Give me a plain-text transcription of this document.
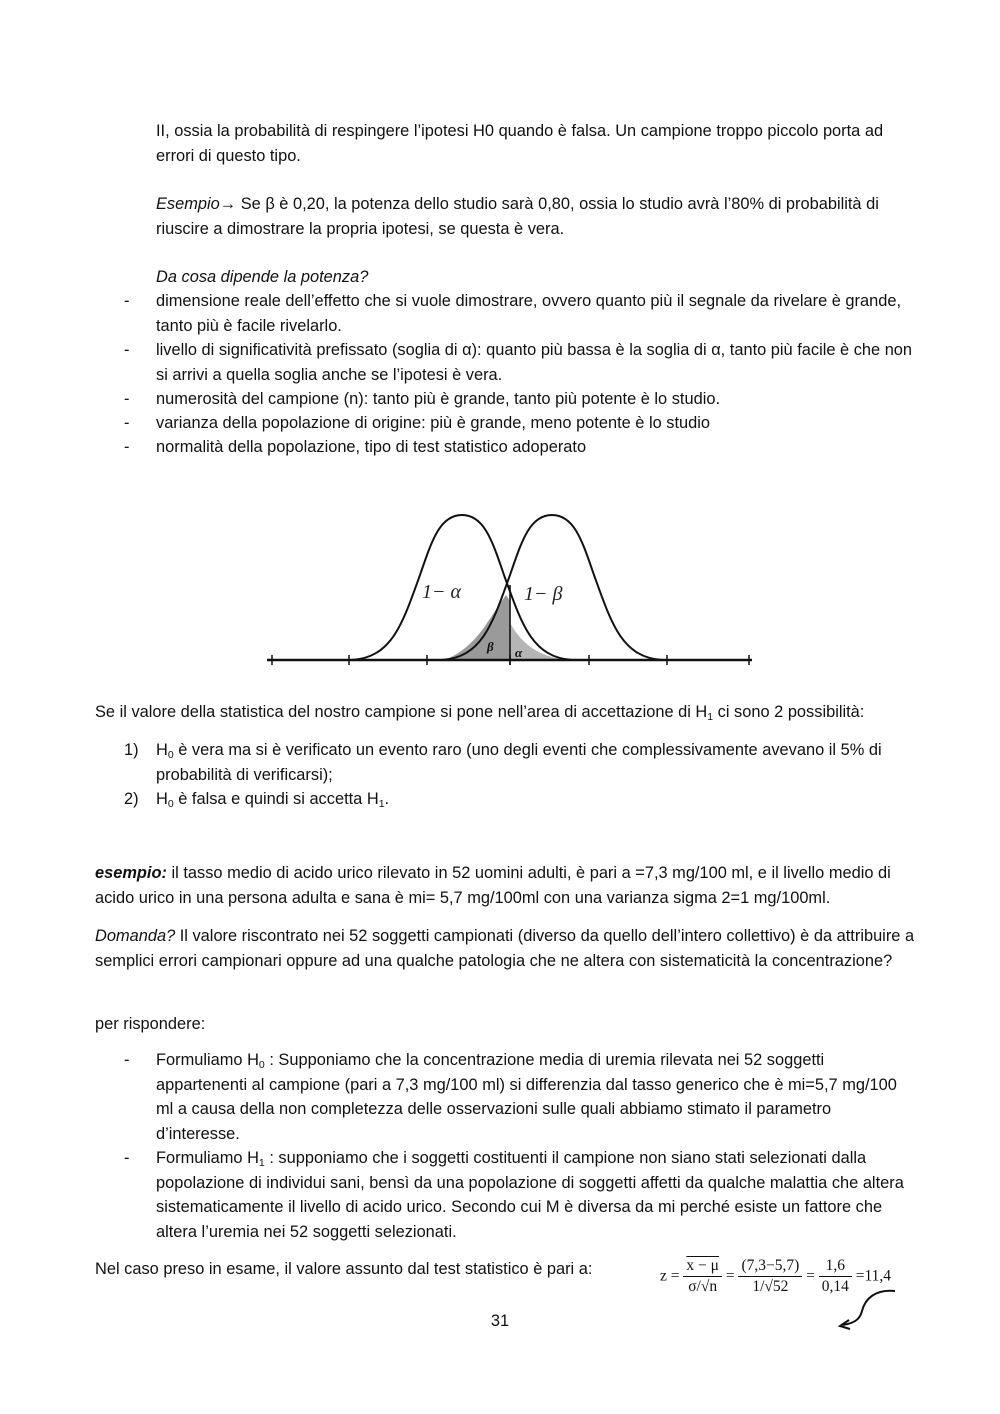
II, ossia la probabilità di respingere l’ipotesi H0 quando è falsa. Un campione troppo piccolo porta ad errori di questo tipo.

Esempio→ Se β è 0,20, la potenza dello studio sarà 0,80, ossia lo studio avrà l’80% di probabilità di riuscire a dimostrare la propria ipotesi, se questa è vera.

Da cosa dipende la potenza?

- dimensione reale dell’effetto che si vuole dimostrare, ovvero quanto più il segnale da rivelare è grande, tanto più è facile rivelarlo.

- livello di significatività prefissato (soglia di α): quanto più bassa è la soglia di α, tanto più facile è che non si arrivi a quella soglia anche se l’ipotesi è vera.

- numerosità del campione (n): tanto più è grande, tanto più potente è lo studio.

- varianza della popolazione di origine: più è grande, meno potente è lo studio

- normalità della popolazione, tipo di test statistico adoperato

1− α	1− β
β α

Se il valore della statistica del nostro campione si pone nell’area di accettazione di $H_1$ ci sono 2 possibilità:

1) $H_0$ è vera ma si è verificato un evento raro (uno degli eventi che complessivamente avevano il 5% di probabilità di verificarsi);

2) $H_0$ è falsa e quindi si accetta $H_1$.

esempio: il tasso medio di acido urico rilevato in 52 uomini adulti, è pari a =7,3 mg/100 ml, e il livello medio di acido urico in una persona adulta e sana è mi= 5,7 mg/100ml con una varianza sigma 2=1 mg/100ml.

Domanda? Il valore riscontrato nei 52 soggetti campionati (diverso da quello dell’intero collettivo) è da attribuire a semplici errori campionari oppure ad una qualche patologia che ne altera con sistematicità la concentrazione?

per rispondere:

- Formuliamo $H_0$ : Supponiamo che la concentrazione media di uremia rilevata nei 52 soggetti appartenenti al campione (pari a 7,3 mg/100 ml) si differenzia dal tasso generico che è mi=5,7 mg/100 ml a causa della non completezza delle osservazioni sulle quali abbiamo stimato il parametro d’interesse.

- Formuliamo $H_1$ : supponiamo che i soggetti costituenti il campione non siano stati selezionati dalla popolazione di individui sani, bensì da una popolazione di soggetti affetti da qualche malattia che altera sistematicamente il livello di acido urico. Secondo cui M è diversa da mi perché esiste un fattore che altera l’uremia nei 52 soggetti selezionati.

Nel caso preso in esame, il valore assunto dal test statistico è pari a:	$z = \frac{x - \mu}{\sigma/√n} = \frac{(7,3-5,7)}{1/√52} = \frac{1,6}{0,14} =11,4$

31
